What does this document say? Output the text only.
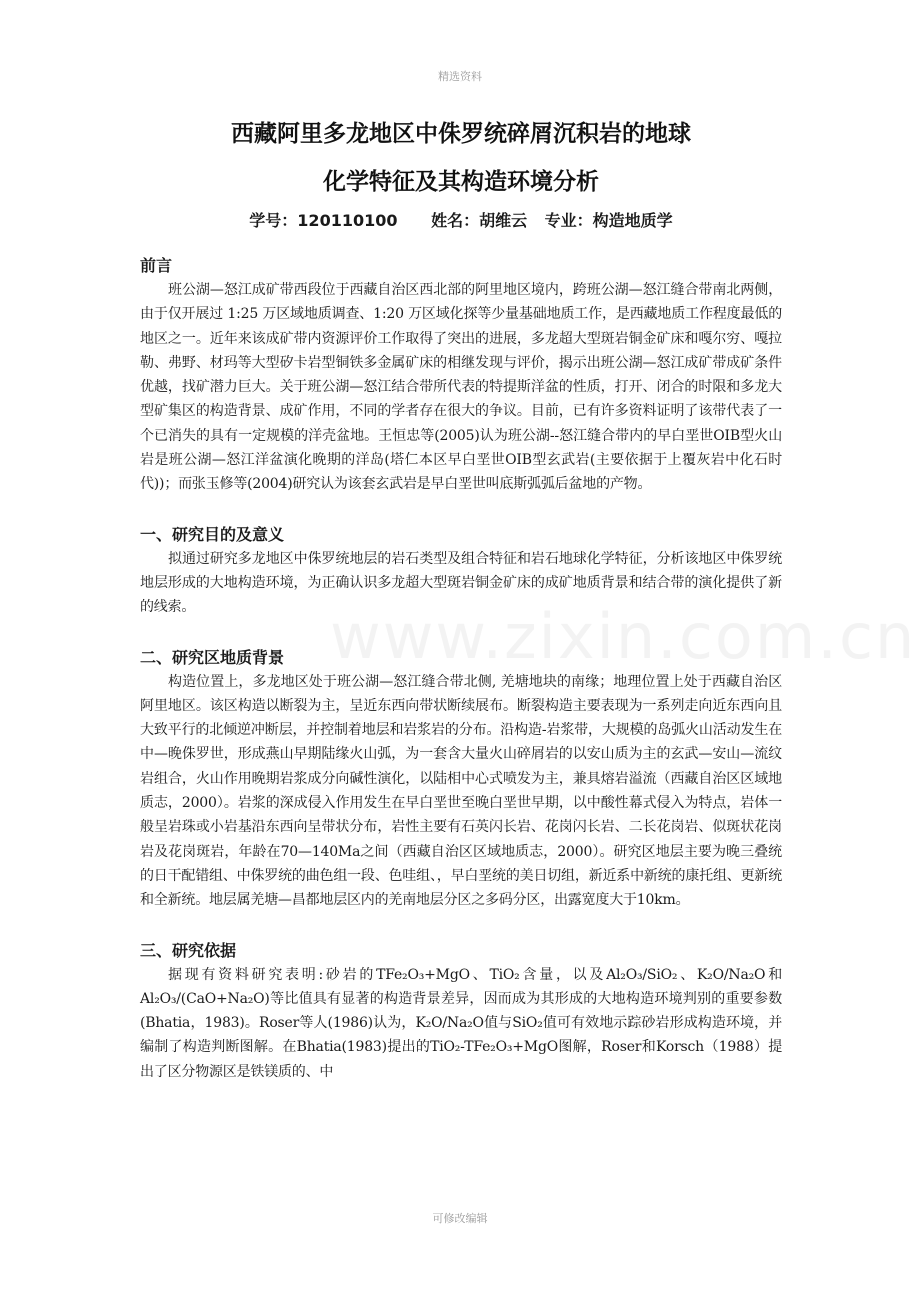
精选资料
www.zixin.com.cn
西藏阿里多龙地区中侏罗统碎屑沉积岩的地球
化学特征及其构造环境分析
学号：120110100 姓名：胡维云 专业：构造地质学
前言

班公湖—怒江成矿带西段位于西藏自治区西北部的阿里地区境内，跨班公湖—怒江缝合带南北两侧，由于仅开展过 1:25 万区域地质调查、1:20 万区域化探等少量基础地质工作，是西藏地质工作程度最低的地区之一。近年来该成矿带内资源评价工作取得了突出的进展，多龙超大型斑岩铜金矿床和嘎尔穷、嘎拉勒、弗野、材玛等大型矽卡岩型铜铁多金属矿床的相继发现与评价，揭示出班公湖—怒江成矿带成矿条件优越，找矿潜力巨大。关于班公湖—怒江结合带所代表的特提斯洋盆的性质，打开、闭合的时限和多龙大型矿集区的构造背景、成矿作用，不同的学者存在很大的争议。目前，已有许多资料证明了该带代表了一个已消失的具有一定规模的洋壳盆地。王恒忠等(2005)认为班公湖--怒江缝合带内的早白垩世OIB型火山岩是班公湖—怒江洋盆演化晚期的洋岛(塔仁本区早白垩世OIB型玄武岩(主要依据于上覆灰岩中化石时代))；而张玉修等(2004)研究认为该套玄武岩是早白垩世叫底斯弧弧后盆地的产物。

一、研究目的及意义

拟通过研究多龙地区中侏罗统地层的岩石类型及组合特征和岩石地球化学特征，分析该地区中侏罗统地层形成的大地构造环境，为正确认识多龙超大型斑岩铜金矿床的成矿地质背景和结合带的演化提供了新的线索。

二、研究区地质背景

构造位置上，多龙地区处于班公湖—怒江缝合带北侧, 羌塘地块的南缘；地理位置上处于西藏自治区阿里地区。该区构造以断裂为主，呈近东西向带状断续展布。断裂构造主要表现为一系列走向近东西向且大致平行的北倾逆冲断层，并控制着地层和岩浆岩的分布。沿构造-岩浆带，大规模的岛弧火山活动发生在中—晚侏罗世，形成燕山早期陆缘火山弧，为一套含大量火山碎屑岩的以安山质为主的玄武—安山—流纹岩组合，火山作用晚期岩浆成分向碱性演化，以陆相中心式喷发为主，兼具熔岩溢流（西藏自治区区域地质志，2000）。岩浆的深成侵入作用发生在早白垩世至晚白垩世早期，以中酸性幕式侵入为特点，岩体一般呈岩珠或小岩基沿东西向呈带状分布，岩性主要有石英闪长岩、花岗闪长岩、二长花岗岩、似斑状花岗岩及花岗斑岩，年龄在70—140Ma之间（西藏自治区区域地质志，2000）。研究区地层主要为晚三叠统的日干配错组、中侏罗统的曲色组一段、色哇组、，早白垩统的美日切组，新近系中新统的康托组、更新统和全新统。地层属羌塘—昌都地层区内的羌南地层分区之多码分区，出露宽度大于10km。

三、研究依据

据现有资料研究表明:砂岩的TFe₂O₃+MgO、TiO₂含量，以及Al₂O₃/SiO₂、K₂O/Na₂O和Al₂O₃/(CaO+Na₂O)等比值具有显著的构造背景差异，因而成为其形成的大地构造环境判别的重要参数(Bhatia，1983)。Roser等人(1986)认为，K₂O/Na₂O值与SiO₂值可有效地示踪砂岩形成构造环境，并编制了构造判断图解。在Bhatia(1983)提出的TiO₂-TFe₂O₃+MgO图解，Roser和Korsch（1988）提出了区分物源区是铁镁质的、中

可修改编辑
